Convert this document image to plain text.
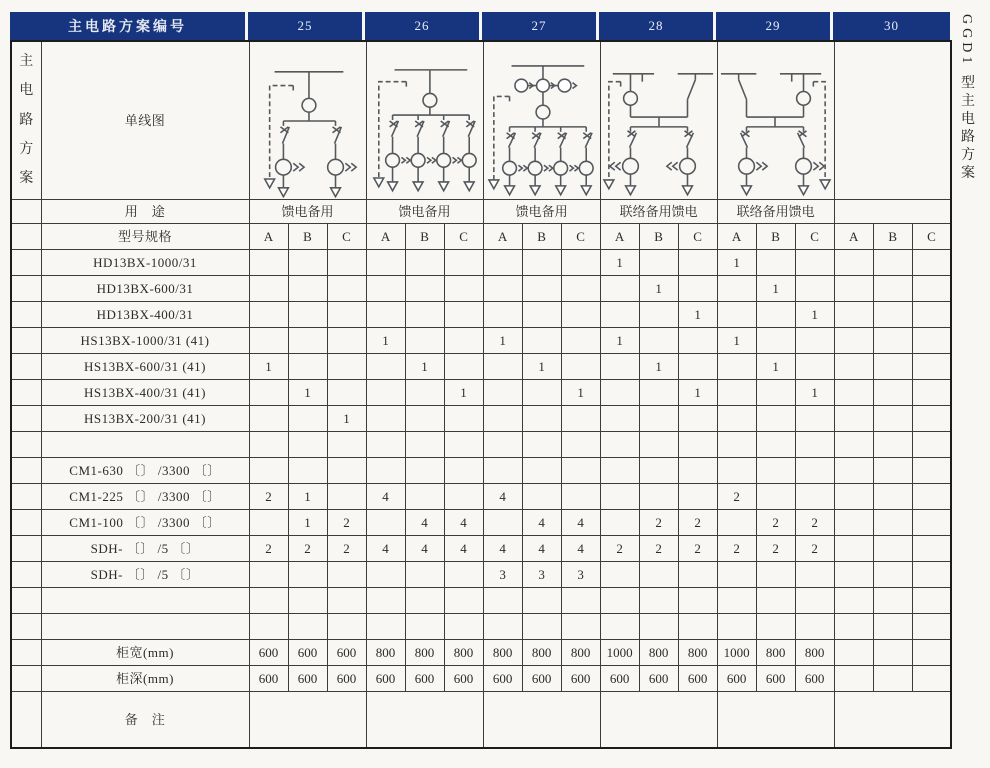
主电路方案编号	25	26	27	28	29	30
主电路方案	单线图	

	用　途	馈电备用			馈电备用			馈电备用			联络备用馈电			联络备用馈电					
	型号规格	A	B	C	A	B	C	A	B	C	A	B	C	A	B	C	A	B	C
	HD13BX-1000/31										1			1					
	HD13BX-600/31											1			1				
	HD13BX-400/31												1			1			
	HS13BX-1000/31 (41)				1			1			1			1					
	HS13BX-600/31 (41)	1				1			1			1			1				
	HS13BX-400/31 (41)		1				1			1			1			1			
	HS13BX-200/31 (41)			1															

	CM1-630 〔〕 /3300 〔〕																		
	CM1-225 〔〕 /3300 〔〕	2	1		4			4						2					
	CM1-100 〔〕 /3300 〔〕		1	2		4	4		4	4		2	2		2	2			
	SDH- 〔〕 /5 〔〕	2	2	2	4	4	4	4	4	4	2	2	2	2	2	2			
	SDH- 〔〕 /5 〔〕							3	3	3									

	柜宽(mm)	600	600	600	800	800	800	800	800	800	1000	800	800	1000	800	800			
	柜深(mm)	600	600	600	600	600	600	600	600	600	600	600	600	600	600	600			
	备　注																		
GGD1 型主电路方案
